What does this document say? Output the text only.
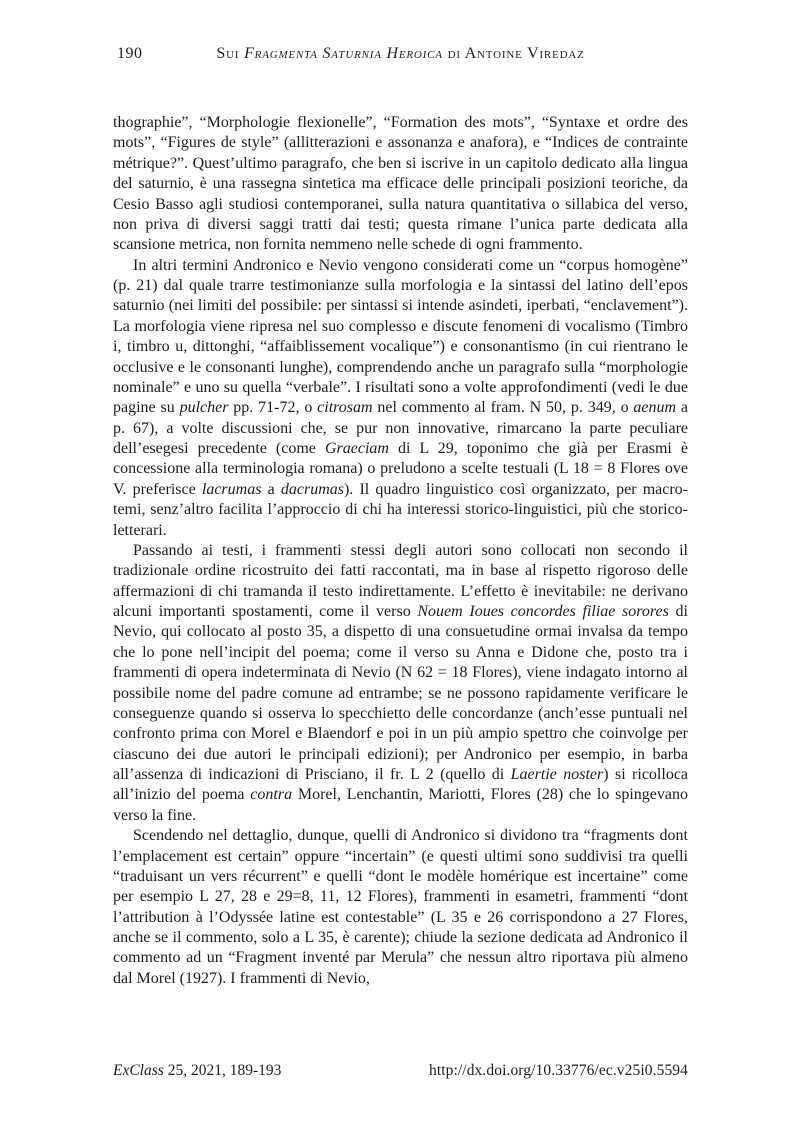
190	Sui Fragmenta Saturnia Heroica di Antoine Viredaz

thographie”, “Morphologie flexionelle”, “Formation des mots”, “Syntaxe et ordre des mots”, “Figures de style” (allitterazioni e assonanza e anafora), e “Indices de contrainte métrique?”. Quest’ultimo paragrafo, che ben si iscrive in un capitolo dedicato alla lingua del saturnio, è una rassegna sintetica ma efficace delle principali posizioni teoriche, da Cesio Basso agli studiosi contemporanei, sulla natura quantitativa o sillabica del verso, non priva di diversi saggi tratti dai testi; questa rimane l’unica parte dedicata alla scansione metrica, non fornita nemmeno nelle schede di ogni frammento.

In altri termini Andronico e Nevio vengono considerati come un “corpus homogène” (p. 21) dal quale trarre testimonianze sulla morfologia e la sintassi del latino dell’epos saturnio (nei limiti del possibile: per sintassi si intende asindeti, iperbati, “enclavement”). La morfologia viene ripresa nel suo complesso e discute fenomeni di vocalismo (Timbro i, timbro u, dittonghi, “affaiblissement vocalique”) e consonantismo (in cui rientrano le occlusive e le consonanti lunghe), comprendendo anche un paragrafo sulla “morphologie nominale” e uno su quella “verbale”. I risultati sono a volte approfondimenti (vedi le due pagine su pulcher pp. 71-72, o citrosam nel commento al fram. N 50, p. 349, o aenum a p. 67), a volte discussioni che, se pur non innovative, rimarcano la parte peculiare dell’esegesi precedente (come Graeciam di L 29, toponimo che già per Erasmi è concessione alla terminologia romana) o preludono a scelte testuali (L 18 = 8 Flores ove V. preferisce lacrumas a dacrumas). Il quadro linguistico così organizzato, per macro-temi, senz’altro facilita l’approccio di chi ha interessi storico-linguistici, più che storico-letterari.

Passando ai testi, i frammenti stessi degli autori sono collocati non secondo il tradizionale ordine ricostruito dei fatti raccontati, ma in base al rispetto rigoroso delle affermazioni di chi tramanda il testo indirettamente. L’effetto è inevitabile: ne derivano alcuni importanti spostamenti, come il verso Nouem Ioues concordes filiae sorores di Nevio, qui collocato al posto 35, a dispetto di una consuetudine ormai invalsa da tempo che lo pone nell’incipit del poema; come il verso su Anna e Didone che, posto tra i frammenti di opera indeterminata di Nevio (N 62 = 18 Flores), viene indagato intorno al possibile nome del padre comune ad entrambe; se ne possono rapidamente verificare le conseguenze quando si osserva lo specchietto delle concordanze (anch’esse puntuali nel confronto prima con Morel e Blaendorf e poi in un più ampio spettro che coinvolge per ciascuno dei due autori le principali edizioni); per Andronico per esempio, in barba all’assenza di indicazioni di Prisciano, il fr. L 2 (quello di Laertie noster) si ricolloca all’inizio del poema contra Morel, Lenchantin, Mariotti, Flores (28) che lo spingevano verso la fine.

Scendendo nel dettaglio, dunque, quelli di Andronico si dividono tra “fragments dont l’emplacement est certain” oppure “incertain” (e questi ultimi sono suddivisi tra quelli “traduisant un vers récurrent” e quelli “dont le modèle homérique est incertaine” come per esempio L 27, 28 e 29=8, 11, 12 Flores), frammenti in esametri, frammenti “dont l’attribution à l’Odyssée latine est contestable” (L 35 e 26 corrispondono a 27 Flores, anche se il commento, solo a L 35, è carente); chiude la sezione dedicata ad Andronico il commento ad un “Fragment inventé par Merula” che nessun altro riportava più almeno dal Morel (1927). I frammenti di Nevio,

ExClass 25, 2021, 189-193	http://dx.doi.org/10.33776/ec.v25i0.5594
